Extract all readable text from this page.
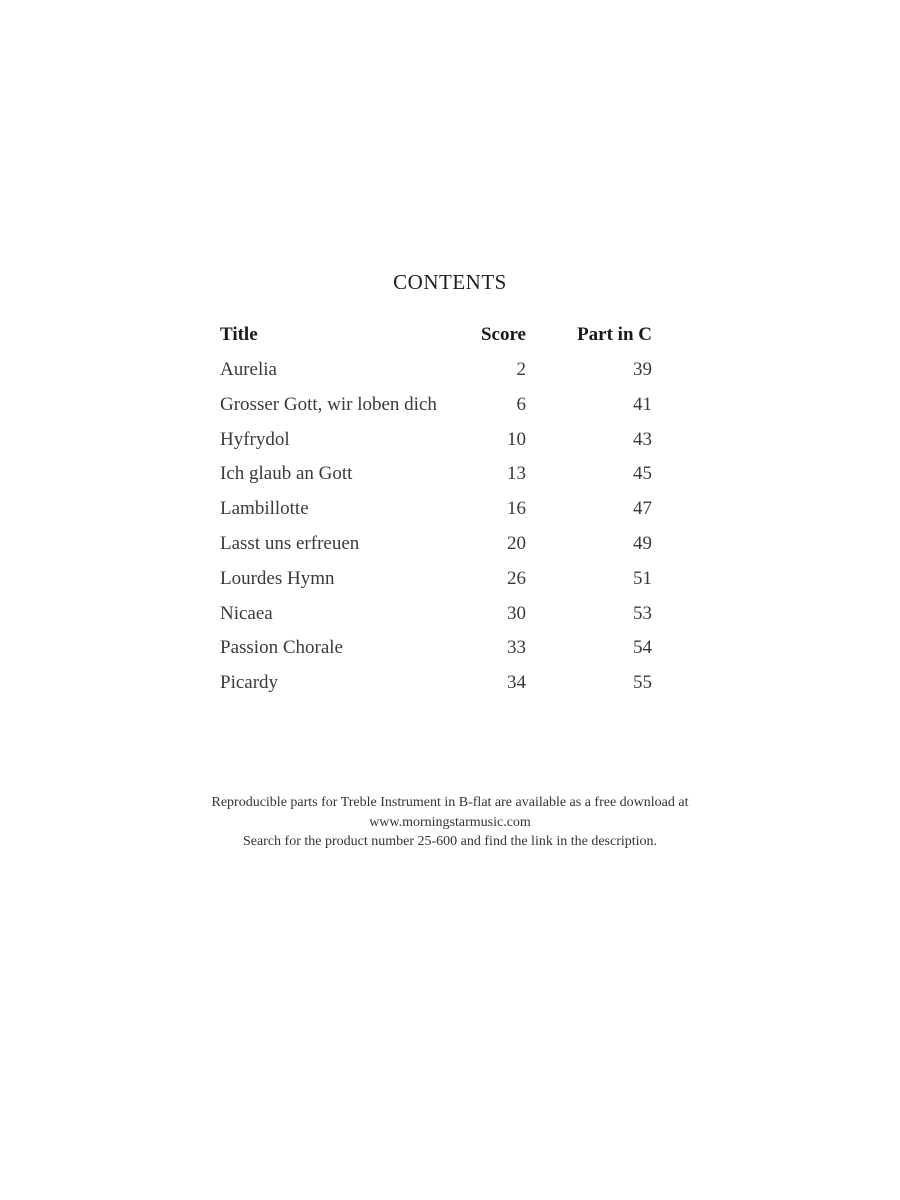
CONTENTS
Title	Score	Part in C
Aurelia	2	39
Grosser Gott, wir loben dich	6	41
Hyfrydol	10	43
Ich glaub an Gott	13	45
Lambillotte	16	47
Lasst uns erfreuen	20	49
Lourdes Hymn	26	51
Nicaea	30	53
Passion Chorale	33	54
Picardy	34	55
Reproducible parts for Treble Instrument in B-flat are available as a free download at
www.morningstarmusic.com
Search for the product number 25-600 and find the link in the description.
